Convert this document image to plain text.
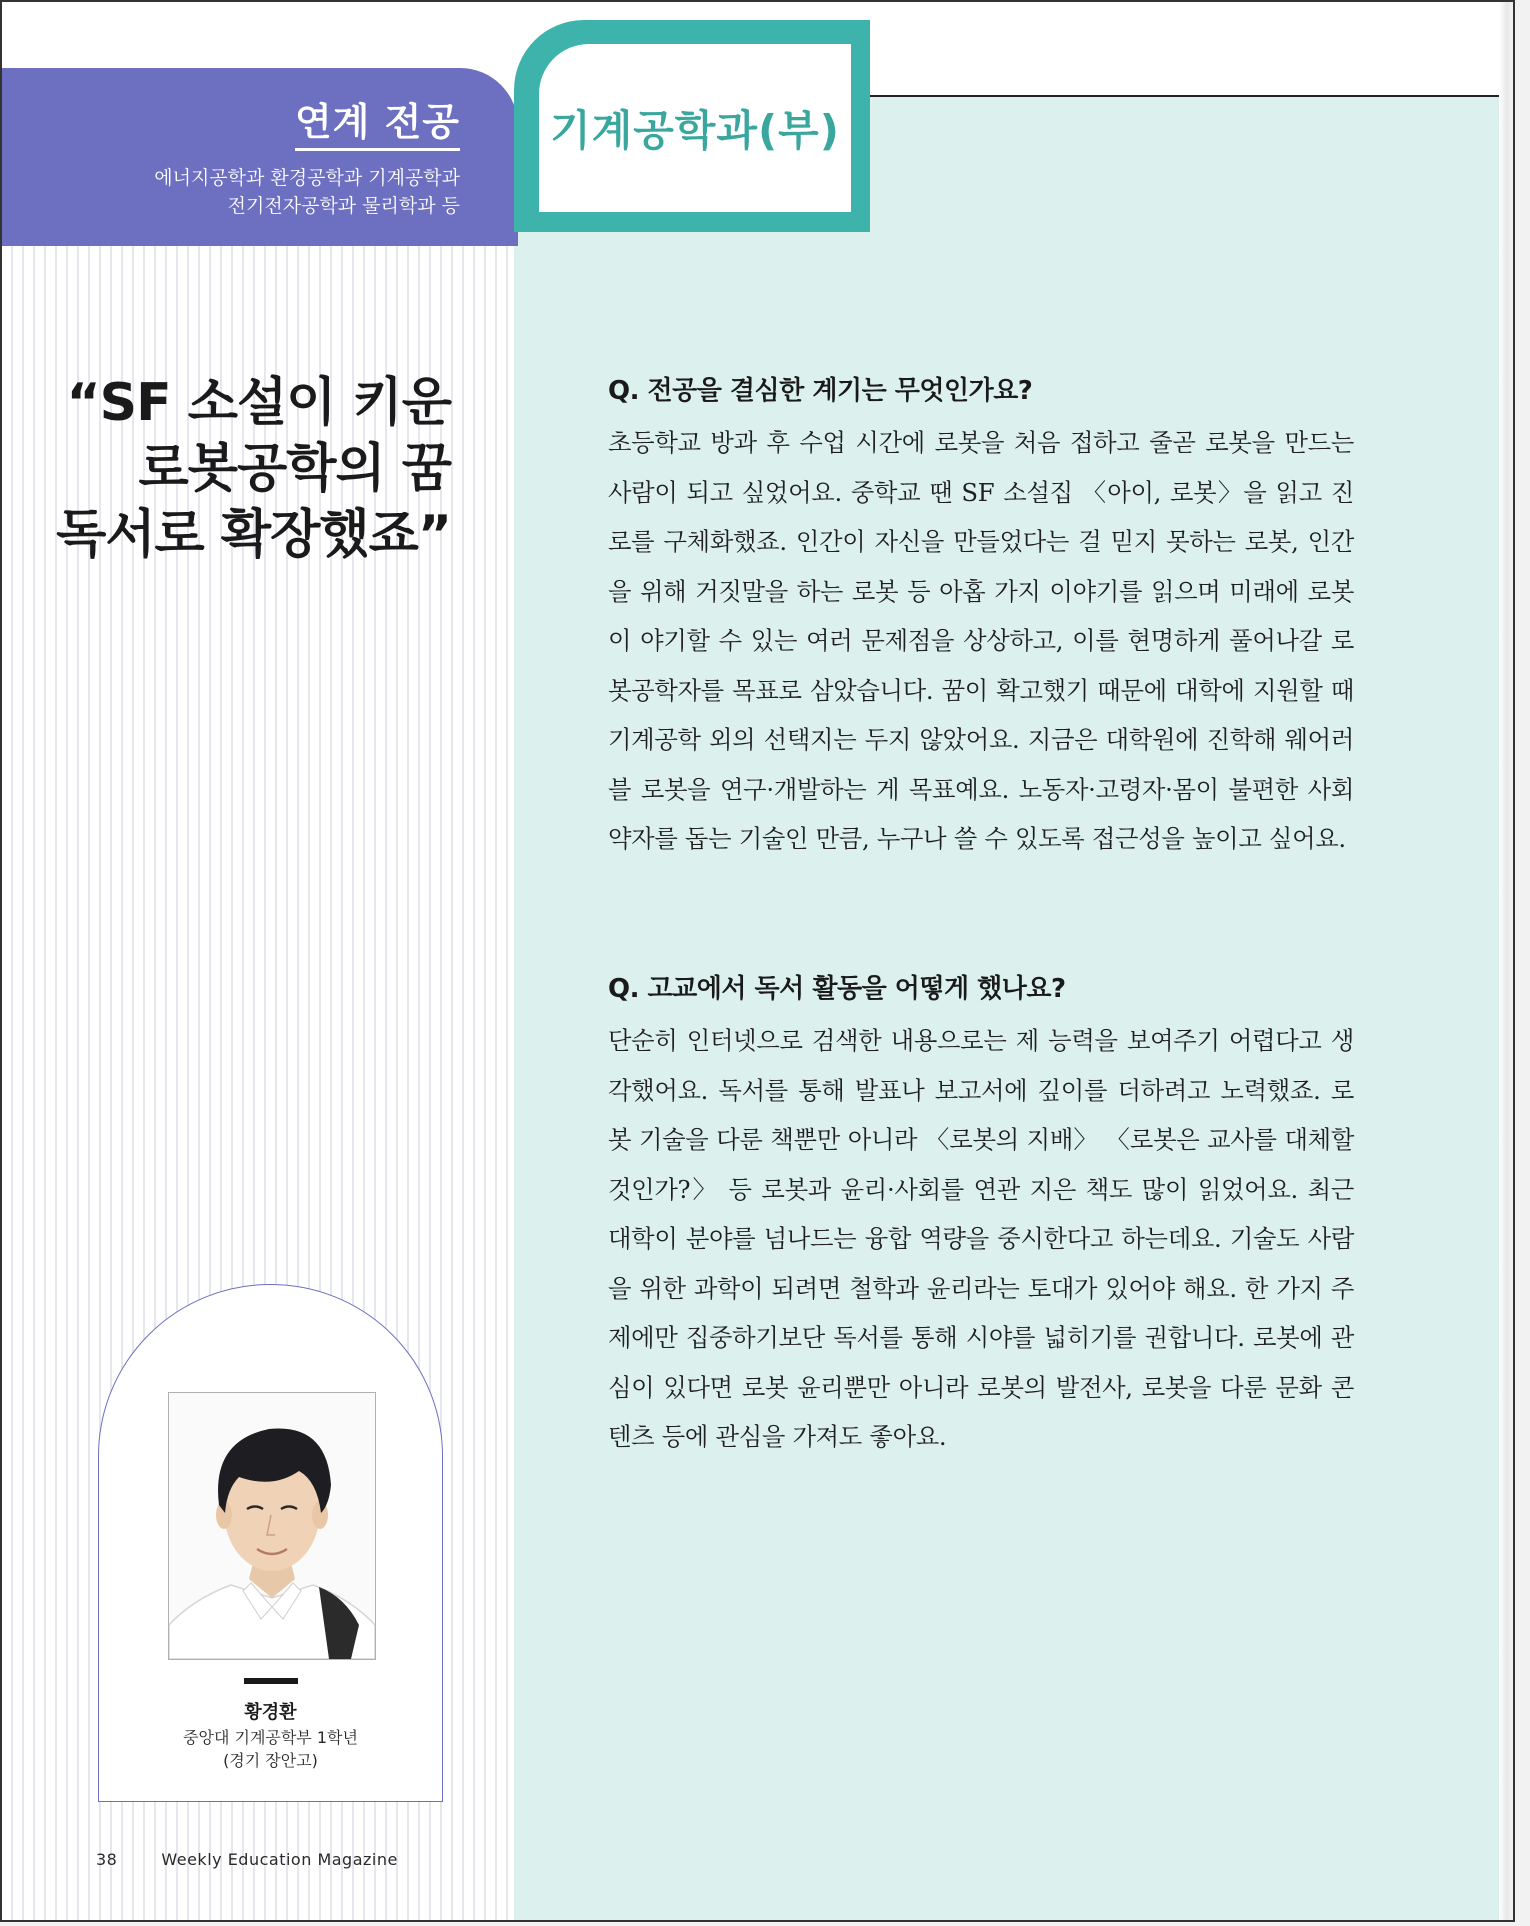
연계 전공
에너지공학과 환경공학과 기계공학과
전기전자공학과 물리학과 등
기계공학과(부)
“SF 소설이 키운
로봇공학의 꿈
독서로 확장했죠”
황경환
중앙대 기계공학부 1학년
(경기 장안고)
38	Weekly Education Magazine

Q. 전공을 결심한 계기는 무엇인가요?

초등학교 방과 후 수업 시간에 로봇을 처음 접하고 줄곧 로봇을 만드는 사람이 되고 싶었어요. 중학교 땐 SF 소설집 〈아이, 로봇〉을 읽고 진로를 구체화했죠. 인간이 자신을 만들었다는 걸 믿지 못하는 로봇, 인간을 위해 거짓말을 하는 로봇 등 아홉 가지 이야기를 읽으며 미래에 로봇이 야기할 수 있는 여러 문제점을 상상하고, 이를 현명하게 풀어나갈 로봇공학자를 목표로 삼았습니다. 꿈이 확고했기 때문에 대학에 지원할 때 기계공학 외의 선택지는 두지 않았어요. 지금은 대학원에 진학해 웨어러블 로봇을 연구·개발하는 게 목표예요. 노동자·고령자·몸이 불편한 사회 약자를 돕는 기술인 만큼, 누구나 쓸 수 있도록 접근성을 높이고 싶어요.

Q. 고교에서 독서 활동을 어떻게 했나요?

단순히 인터넷으로 검색한 내용으로는 제 능력을 보여주기 어렵다고 생각했어요. 독서를 통해 발표나 보고서에 깊이를 더하려고 노력했죠. 로봇 기술을 다룬 책뿐만 아니라 〈로봇의 지배〉 〈로봇은 교사를 대체할 것인가?〉 등 로봇과 윤리·사회를 연관 지은 책도 많이 읽었어요. 최근 대학이 분야를 넘나드는 융합 역량을 중시한다고 하는데요. 기술도 사람을 위한 과학이 되려면 철학과 윤리라는 토대가 있어야 해요. 한 가지 주제에만 집중하기보단 독서를 통해 시야를 넓히기를 권합니다. 로봇에 관심이 있다면 로봇 윤리뿐만 아니라 로봇의 발전사, 로봇을 다룬 문화 콘텐츠 등에 관심을 가져도 좋아요.
